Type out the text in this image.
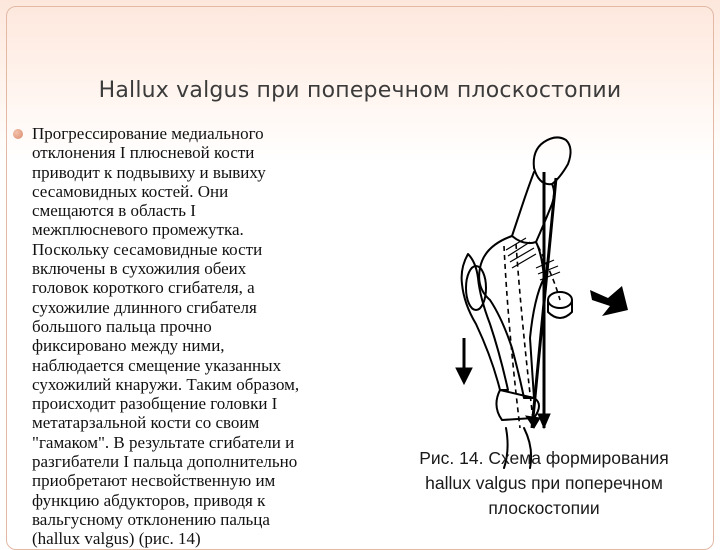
Hallux valgus при поперечном плоскостопии

Прогрессирование медиального
отклонения I плюсневой кости
приводит к подвывиху и вывиху
сесамовидных костей. Они
смещаются в область I
межплюсневого промежутка.
Поскольку сесамовидные кости
включены в сухожилия обеих
головок короткого сгибателя, а
сухожилие длинного сгибателя
большого пальца прочно
фиксировано между ними,
наблюдается смещение указанных
сухожилий кнаружи. Таким образом,
происходит разобщение головки I
метатарзальной кости со своим
"гамаком". В результате сгибатели и
разгибатели I пальца дополнительно
приобретают несвойственную им
функцию абдукторов, приводя к
вальгусному отклонению пальца
(hallux valgus) (рис. 14)

Рис. 14. Схема формирования
hallux valgus при поперечном
плоскостопии
